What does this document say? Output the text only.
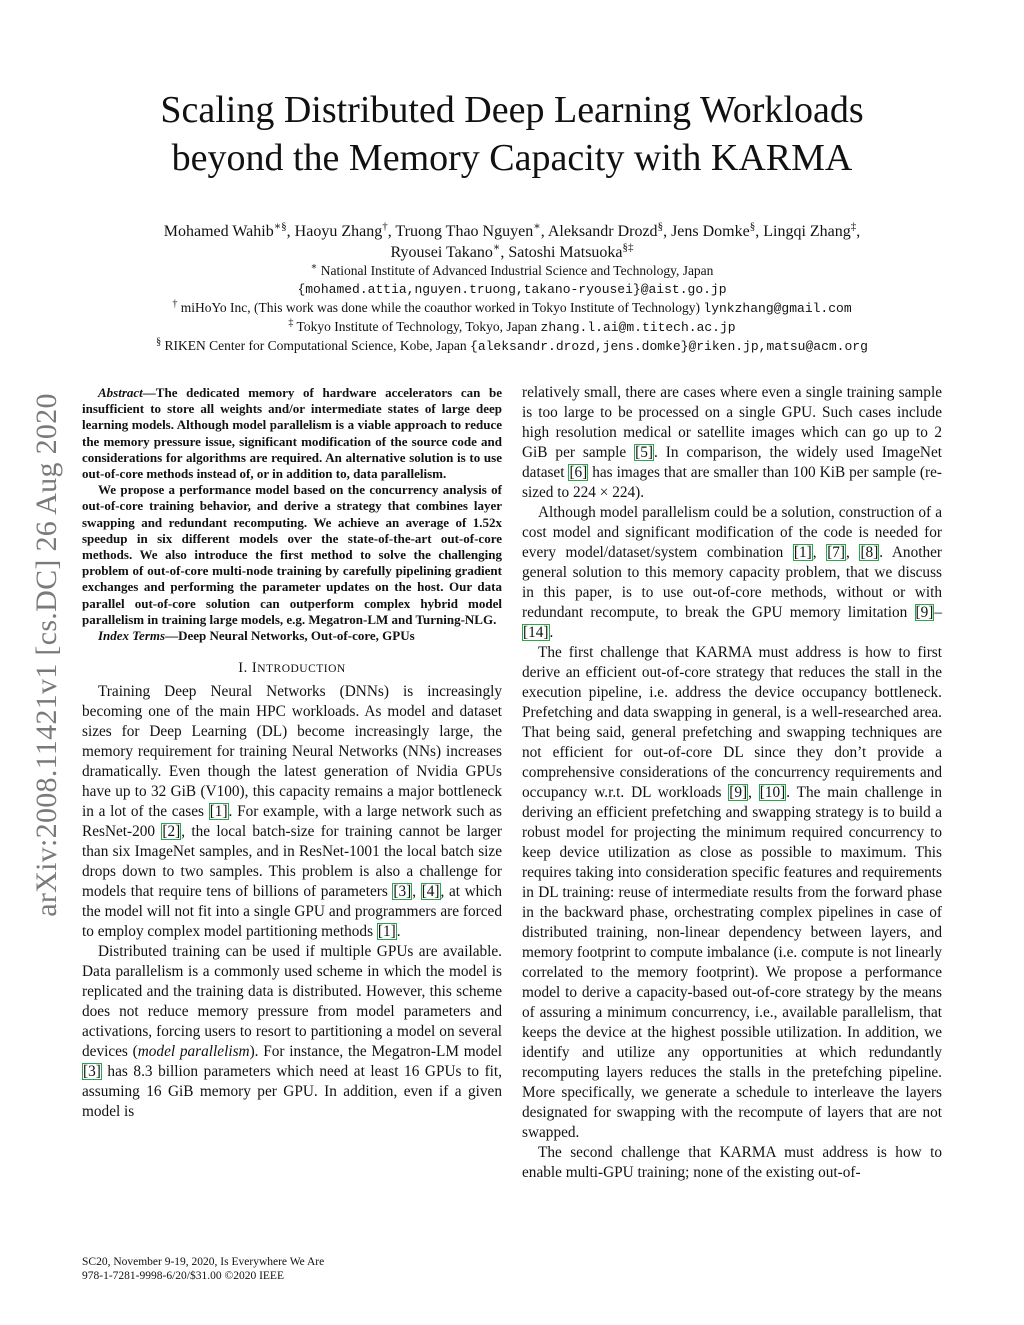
Scaling Distributed Deep Learning Workloads
beyond the Memory Capacity with KARMA
Mohamed Wahib∗§, Haoyu Zhang†, Truong Thao Nguyen∗, Aleksandr Drozd§, Jens Domke§, Lingqi Zhang‡,
Ryousei Takano∗, Satoshi Matsuoka§‡
∗ National Institute of Advanced Industrial Science and Technology, Japan
{mohamed.attia,nguyen.truong,takano-ryousei}@aist.go.jp
† miHoYo Inc, (This work was done while the coauthor worked in Tokyo Institute of Technology) lynkzhang@gmail.com
‡ Tokyo Institute of Technology, Tokyo, Japan zhang.l.ai@m.titech.ac.jp
§ RIKEN Center for Computational Science, Kobe, Japan {aleksandr.drozd,jens.domke}@riken.jp,matsu@acm.org
arXiv:2008.11421v1 [cs.DC] 26 Aug 2020

Abstract—The dedicated memory of hardware accelerators can be insufficient to store all weights and/or intermediate states of large deep learning models. Although model parallelism is a viable approach to reduce the memory pressure issue, significant modification of the source code and considerations for algorithms are required. An alternative solution is to use out-of-core methods instead of, or in addition to, data parallelism.

We propose a performance model based on the concurrency analysis of out-of-core training behavior, and derive a strategy that combines layer swapping and redundant recomputing. We achieve an average of 1.52x speedup in six different models over the state-of-the-art out-of-core methods. We also introduce the first method to solve the challenging problem of out-of-core multi-node training by carefully pipelining gradient exchanges and performing the parameter updates on the host. Our data parallel out-of-core solution can outperform complex hybrid model parallelism in training large models, e.g. Megatron-LM and Turning-NLG.

Index Terms—Deep Neural Networks, Out-of-core, GPUs

I. INTRODUCTION

Training Deep Neural Networks (DNNs) is increasingly becoming one of the main HPC workloads. As model and dataset sizes for Deep Learning (DL) become increasingly large, the memory requirement for training Neural Networks (NNs) increases dramatically. Even though the latest generation of Nvidia GPUs have up to 32 GiB (V100), this capacity remains a major bottleneck in a lot of the cases [1]. For example, with a large network such as ResNet-200 [2], the local batch-size for training cannot be larger than six ImageNet samples, and in ResNet-1001 the local batch size drops down to two samples. This problem is also a challenge for models that require tens of billions of parameters [3], [4], at which the model will not fit into a single GPU and programmers are forced to employ complex model partitioning methods [1].

Distributed training can be used if multiple GPUs are available. Data parallelism is a commonly used scheme in which the model is replicated and the training data is distributed. However, this scheme does not reduce memory pressure from model parameters and activations, forcing users to resort to partitioning a model on several devices (model parallelism). For instance, the Megatron-LM model [3] has 8.3 billion parameters which need at least 16 GPUs to fit, assuming 16 GiB memory per GPU. In addition, even if a given model is

relatively small, there are cases where even a single training sample is too large to be processed on a single GPU. Such cases include high resolution medical or satellite images which can go up to 2 GiB per sample [5]. In comparison, the widely used ImageNet dataset [6] has images that are smaller than 100 KiB per sample (re-sized to 224 × 224).

Although model parallelism could be a solution, construction of a cost model and significant modification of the code is needed for every model/dataset/system combination [1], [7], [8]. Another general solution to this memory capacity problem, that we discuss in this paper, is to use out-of-core methods, without or with redundant recompute, to break the GPU memory limitation [9]–[14].

The first challenge that KARMA must address is how to first derive an efficient out-of-core strategy that reduces the stall in the execution pipeline, i.e. address the device occupancy bottleneck. Prefetching and data swapping in general, is a well-researched area. That being said, general prefetching and swapping techniques are not efficient for out-of-core DL since they don’t provide a comprehensive considerations of the concurrency requirements and occupancy w.r.t. DL workloads [9], [10]. The main challenge in deriving an efficient prefetching and swapping strategy is to build a robust model for projecting the minimum required concurrency to keep device utilization as close as possible to maximum. This requires taking into consideration specific features and requirements in DL training: reuse of intermediate results from the forward phase in the backward phase, orchestrating complex pipelines in case of distributed training, non-linear dependency between layers, and memory footprint to compute imbalance (i.e. compute is not linearly correlated to the memory footprint). We propose a performance model to derive a capacity-based out-of-core strategy by the means of assuring a minimum concurrency, i.e., available parallelism, that keeps the device at the highest possible utilization. In addition, we identify and utilize any opportunities at which redundantly recomputing layers reduces the stalls in the pretefching pipeline. More specifically, we generate a schedule to interleave the layers designated for swapping with the recompute of layers that are not swapped.

The second challenge that KARMA must address is how to enable multi-GPU training; none of the existing out-of-

SC20, November 9-19, 2020, Is Everywhere We Are
978-1-7281-9998-6/20/$31.00 ©2020 IEEE
